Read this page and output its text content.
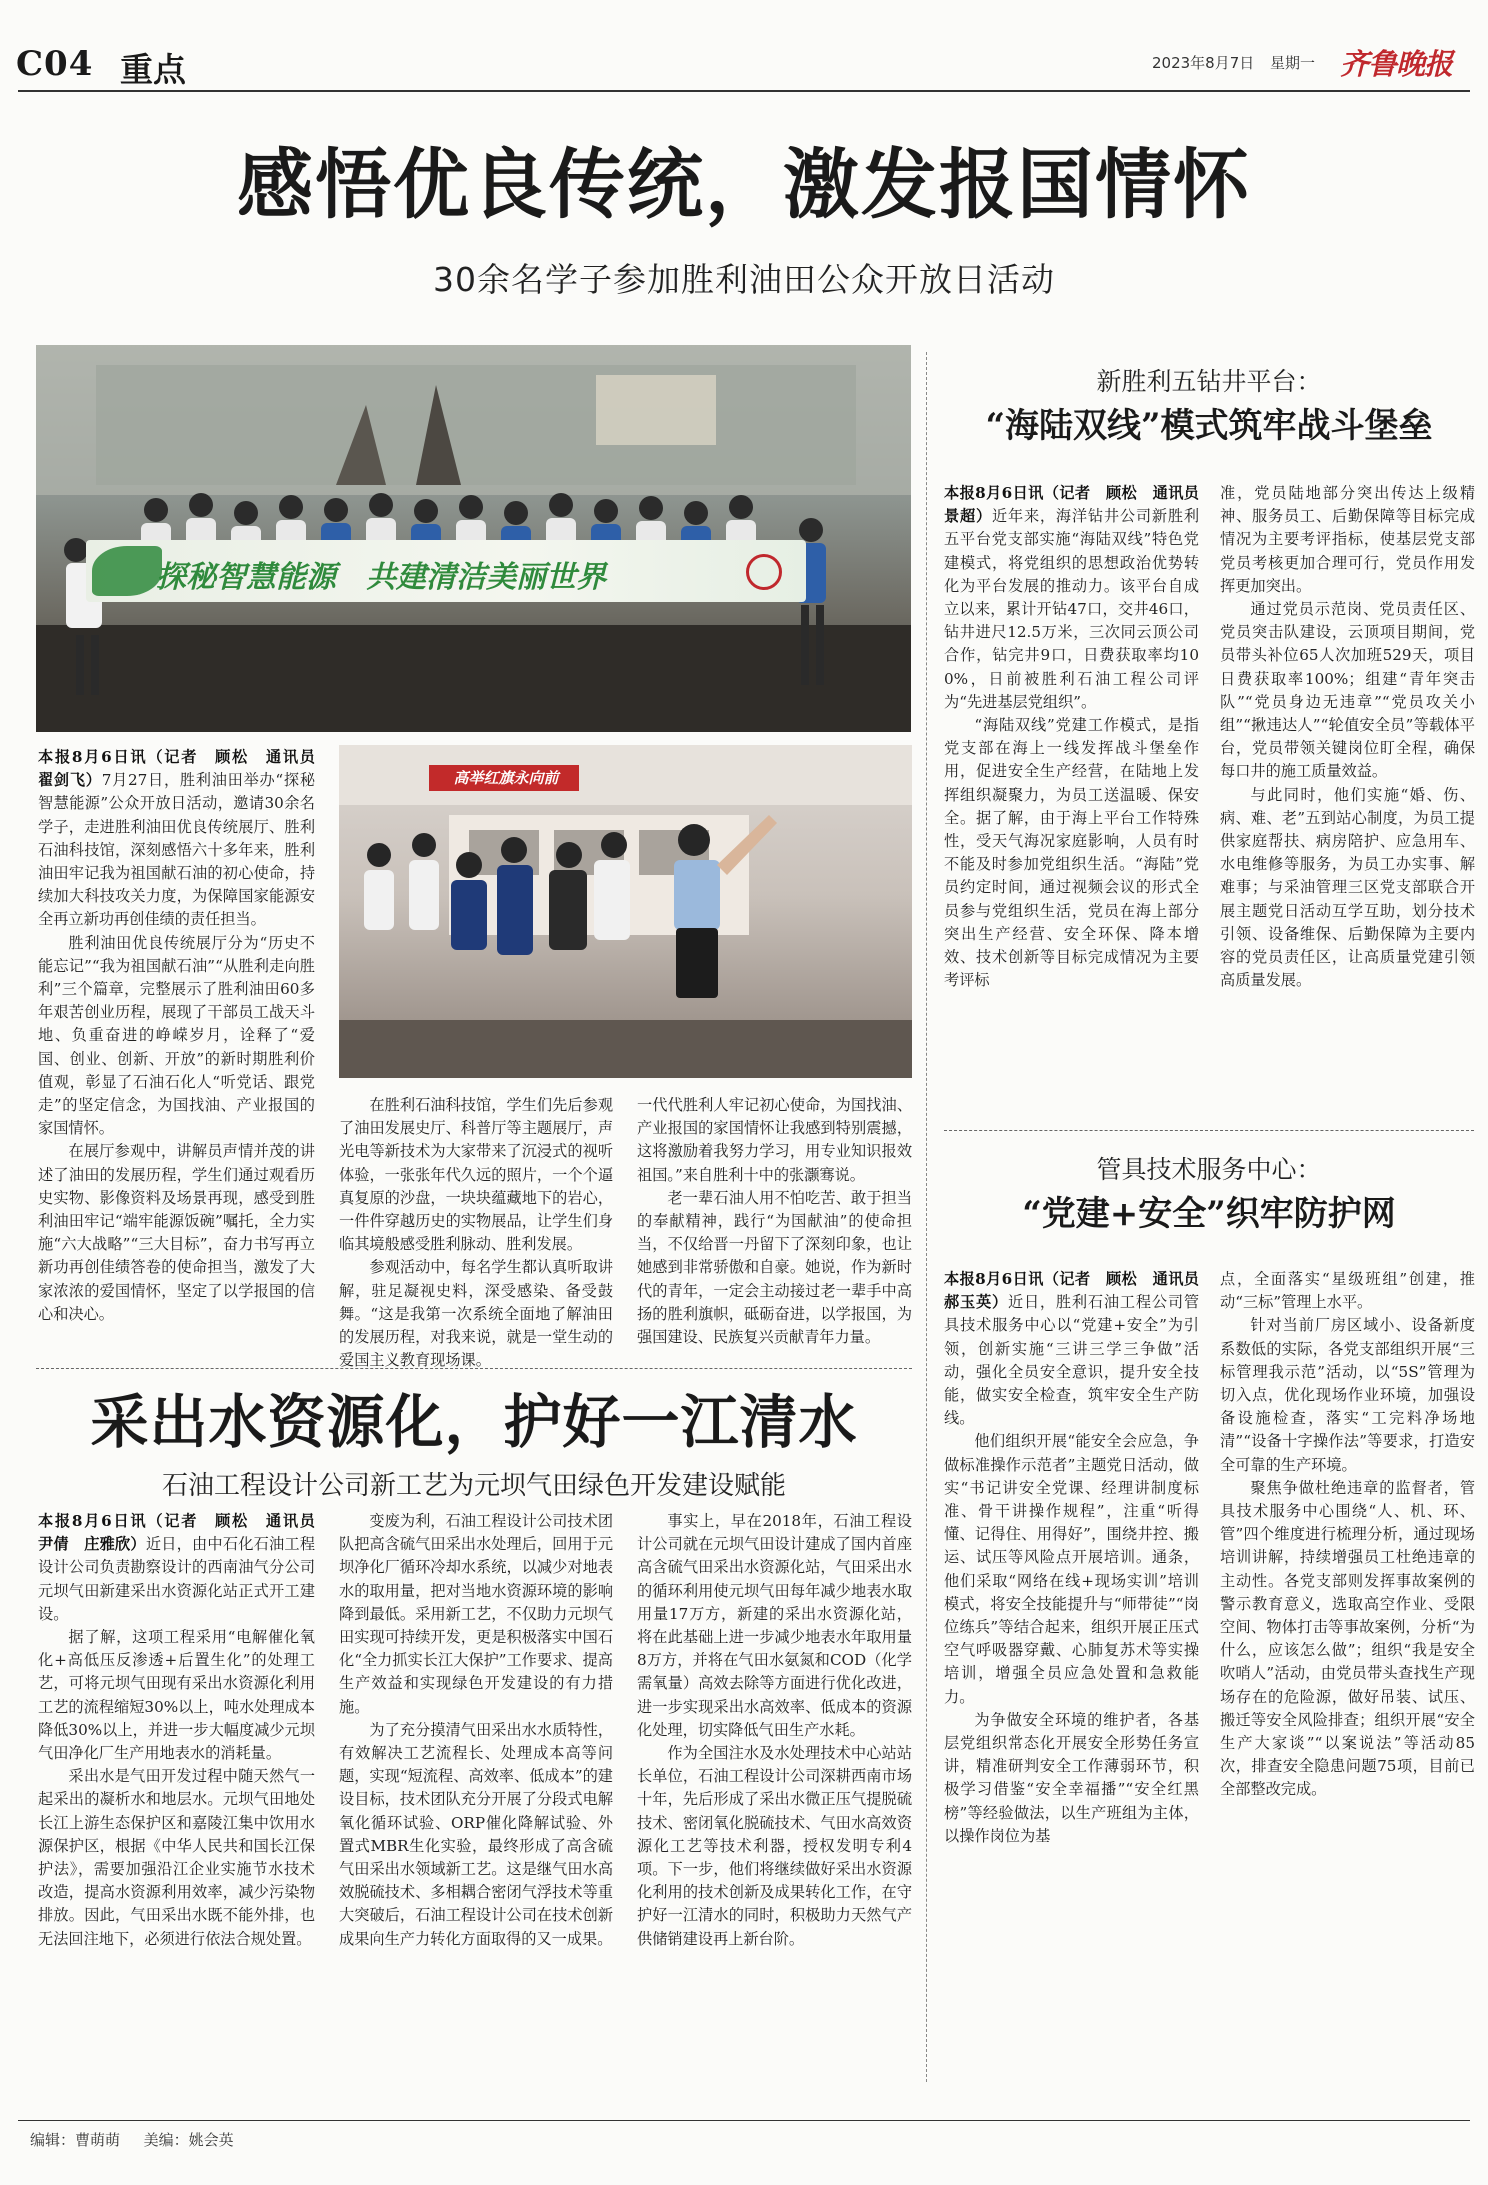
C04 重点	2023年8月7日 星期一 齐鲁晚报
感悟优良传统，激发报国情怀
30余名学子参加胜利油田公众开放日活动
探秘智慧能源　共建清洁美丽世界
高举红旗永向前

本报8月6日讯（记者　顾松　通讯员　翟剑飞）7月27日，胜利油田举办“探秘智慧能源”公众开放日活动，邀请30余名学子，走进胜利油田优良传统展厅、胜利石油科技馆，深刻感悟六十多年来，胜利油田牢记我为祖国献石油的初心使命，持续加大科技攻关力度，为保障国家能源安全再立新功再创佳绩的责任担当。

胜利油田优良传统展厅分为“历史不能忘记”“我为祖国献石油”“从胜利走向胜利”三个篇章，完整展示了胜利油田60多年艰苦创业历程，展现了干部员工战天斗地、负重奋进的峥嵘岁月，诠释了“爱国、创业、创新、开放”的新时期胜利价值观，彰显了石油石化人“听党话、跟党走”的坚定信念，为国找油、产业报国的家国情怀。

在展厅参观中，讲解员声情并茂的讲述了油田的发展历程，学生们通过观看历史实物、影像资料及场景再现，感受到胜利油田牢记“端牢能源饭碗”嘱托，全力实施“六大战略”“三大目标”，奋力书写再立新功再创佳绩答卷的使命担当，激发了大家浓浓的爱国情怀，坚定了以学报国的信心和决心。

在胜利石油科技馆，学生们先后参观了油田发展史厅、科普厅等主题展厅，声光电等新技术为大家带来了沉浸式的视听体验，一张张年代久远的照片，一个个逼真复原的沙盘，一块块蕴藏地下的岩心，一件件穿越历史的实物展品，让学生们身临其境般感受胜利脉动、胜利发展。

参观活动中，每名学生都认真听取讲解，驻足凝视史料，深受感染、备受鼓舞。“这是我第一次系统全面地了解油田的发展历程，对我来说，就是一堂生动的爱国主义教育现场课。

一代代胜利人牢记初心使命，为国找油、产业报国的家国情怀让我感到特别震撼，这将激励着我努力学习，用专业知识报效祖国。”来自胜利十中的张灏骞说。

老一辈石油人用不怕吃苦、敢于担当的奉献精神，践行“为国献油”的使命担当，不仅给晋一丹留下了深刻印象，也让她感到非常骄傲和自豪。她说，作为新时代的青年，一定会主动接过老一辈手中高扬的胜利旗帜，砥砺奋进，以学报国，为强国建设、民族复兴贡献青年力量。

新胜利五钻井平台：
“海陆双线”模式筑牢战斗堡垒

本报8月6日讯（记者　顾松　通讯员　景超）近年来，海洋钻井公司新胜利五平台党支部实施“海陆双线”特色党建模式，将党组织的思想政治优势转化为平台发展的推动力。该平台自成立以来，累计开钻47口，交井46口，钻井进尺12.5万米，三次同云顶公司合作，钻完井9口，日费获取率均100%，日前被胜利石油工程公司评为“先进基层党组织”。

“海陆双线”党建工作模式，是指党支部在海上一线发挥战斗堡垒作用，促进安全生产经营，在陆地上发挥组织凝聚力，为员工送温暖、保安全。据了解，由于海上平台工作特殊性，受天气海况家庭影响，人员有时不能及时参加党组织生活。“海陆”党员约定时间，通过视频会议的形式全员参与党组织生活，党员在海上部分突出生产经营、安全环保、降本增效、技术创新等目标完成情况为主要考评标

准，党员陆地部分突出传达上级精神、服务员工、后勤保障等目标完成情况为主要考评指标，使基层党支部党员考核更加合理可行，党员作用发挥更加突出。

通过党员示范岗、党员责任区、党员突击队建设，云顶项目期间，党员带头补位65人次加班529天，项目日费获取率100%；组建“青年突击队”“党员身边无违章”“党员攻关小组”“揪违达人”“轮值安全员”等载体平台，党员带领关键岗位盯全程，确保每口井的施工质量效益。

与此同时，他们实施“婚、伤、病、难、老”五到站心制度，为员工提供家庭帮扶、病房陪护、应急用车、水电维修等服务，为员工办实事、解难事；与采油管理三区党支部联合开展主题党日活动互学互助，划分技术引领、设备维保、后勤保障为主要内容的党员责任区，让高质量党建引领高质量发展。

管具技术服务中心：
“党建+安全”织牢防护网

本报8月6日讯（记者　顾松　通讯员　郝玉英）近日，胜利石油工程公司管具技术服务中心以“党建+安全”为引领，创新实施“三讲三学三争做”活动，强化全员安全意识，提升安全技能，做实安全检查，筑牢安全生产防线。

他们组织开展“能安全会应急，争做标准操作示范者”主题党日活动，做实“书记讲安全党课、经理讲制度标准、骨干讲操作规程”，注重“听得懂、记得住、用得好”，围绕井控、搬运、试压等风险点开展培训。通条，他们采取“网络在线+现场实训”培训模式，将安全技能提升与“师带徒”“岗位练兵”等结合起来，组织开展正压式空气呼吸器穿戴、心肺复苏术等实操培训，增强全员应急处置和急救能力。

为争做安全环境的维护者，各基层党组织常态化开展安全形势任务宣讲，精准研判安全工作薄弱环节，积极学习借鉴“安全幸福播”“安全红黑榜”等经验做法，以生产班组为主体，以操作岗位为基

点，全面落实“星级班组”创建，推动“三标”管理上水平。

针对当前厂房区域小、设备新度系数低的实际，各党支部组织开展“三标管理我示范”活动，以“5S”管理为切入点，优化现场作业环境，加强设备设施检查，落实“工完料净场地清”“设备十字操作法”等要求，打造安全可靠的生产环境。

聚焦争做杜绝违章的监督者，管具技术服务中心围绕“人、机、环、管”四个维度进行梳理分析，通过现场培训讲解，持续增强员工杜绝违章的主动性。各党支部则发挥事故案例的警示教育意义，选取高空作业、受限空间、物体打击等事故案例，分析“为什么，应该怎么做”；组织“我是安全吹哨人”活动，由党员带头查找生产现场存在的危险源，做好吊装、试压、搬迁等安全风险排查；组织开展“安全生产大家谈”“以案说法”等活动85次，排查安全隐患问题75项，目前已全部整改完成。

采出水资源化，护好一江清水
石油工程设计公司新工艺为元坝气田绿色开发建设赋能

本报8月6日讯（记者　顾松　通讯员　尹倩　庄雅欣）近日，由中石化石油工程设计公司负责勘察设计的西南油气分公司元坝气田新建采出水资源化站正式开工建设。

据了解，这项工程采用“电解催化氧化+高低压反渗透+后置生化”的处理工艺，可将元坝气田现有采出水资源化利用工艺的流程缩短30%以上，吨水处理成本降低30%以上，并进一步大幅度减少元坝气田净化厂生产用地表水的消耗量。

采出水是气田开发过程中随天然气一起采出的凝析水和地层水。元坝气田地处长江上游生态保护区和嘉陵江集中饮用水源保护区，根据《中华人民共和国长江保护法》，需要加强沿江企业实施节水技术改造，提高水资源利用效率，减少污染物排放。因此，气田采出水既不能外排，也无法回注地下，必须进行依法合规处置。

变废为利，石油工程设计公司技术团队把高含硫气田采出水处理后，回用于元坝净化厂循环冷却水系统，以减少对地表水的取用量，把对当地水资源环境的影响降到最低。采用新工艺，不仅助力元坝气田实现可持续开发，更是积极落实中国石化“全力抓实长江大保护”工作要求、提高生产效益和实现绿色开发建设的有力措施。

为了充分摸清气田采出水水质特性，有效解决工艺流程长、处理成本高等问题，实现“短流程、高效率、低成本”的建设目标，技术团队充分开展了分段式电解氧化循环试验、ORP催化降解试验、外置式MBR生化实验，最终形成了高含硫气田采出水领域新工艺。这是继气田水高效脱硫技术、多相耦合密闭气浮技术等重大突破后，石油工程设计公司在技术创新成果向生产力转化方面取得的又一成果。

事实上，早在2018年，石油工程设计公司就在元坝气田设计建成了国内首座高含硫气田采出水资源化站，气田采出水的循环利用使元坝气田每年减少地表水取用量17万方，新建的采出水资源化站，将在此基础上进一步减少地表水年取用量8万方，并将在气田水氨氮和COD（化学需氧量）高效去除等方面进行优化改进，进一步实现采出水高效率、低成本的资源化处理，切实降低气田生产水耗。

作为全国注水及水处理技术中心站站长单位，石油工程设计公司深耕西南市场十年，先后形成了采出水微正压气提脱硫技术、密闭氧化脱硫技术、气田水高效资源化工艺等技术利器，授权发明专利4项。下一步，他们将继续做好采出水资源化利用的技术创新及成果转化工作，在守护好一江清水的同时，积极助力天然气产供储销建设再上新台阶。

编辑：曹萌萌 美编：姚会英
